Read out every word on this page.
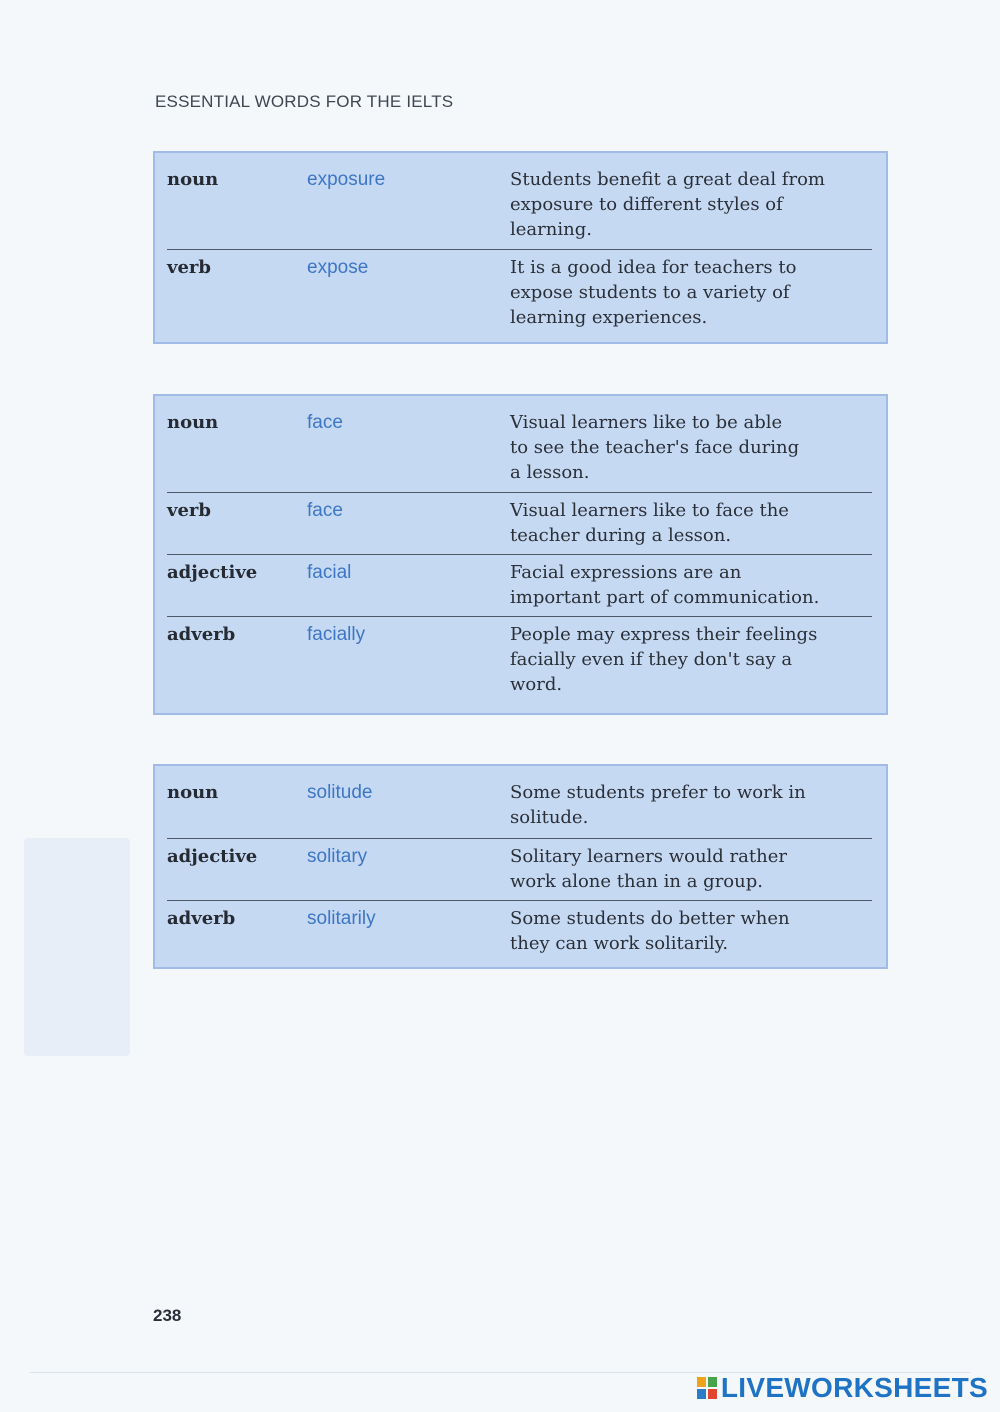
ESSENTIAL WORDS FOR THE IELTS
noun	exposure	Students benefit a great deal from
exposure to different styles of
learning.
verb	expose	It is a good idea for teachers to
expose students to a variety of
learning experiences.
noun	face	Visual learners like to be able
to see the teacher's face during
a lesson.
verb	face	Visual learners like to face the
teacher during a lesson.
adjective	facial	Facial expressions are an
important part of communication.
adverb	facially	People may express their feelings
facially even if they don't say a
word.
noun	solitude	Some students prefer to work in
solitude.
adjective	solitary	Solitary learners would rather
work alone than in a group.
adverb	solitarily	Some students do better when
they can work solitarily.
238
LIVEWORKSHEETS
